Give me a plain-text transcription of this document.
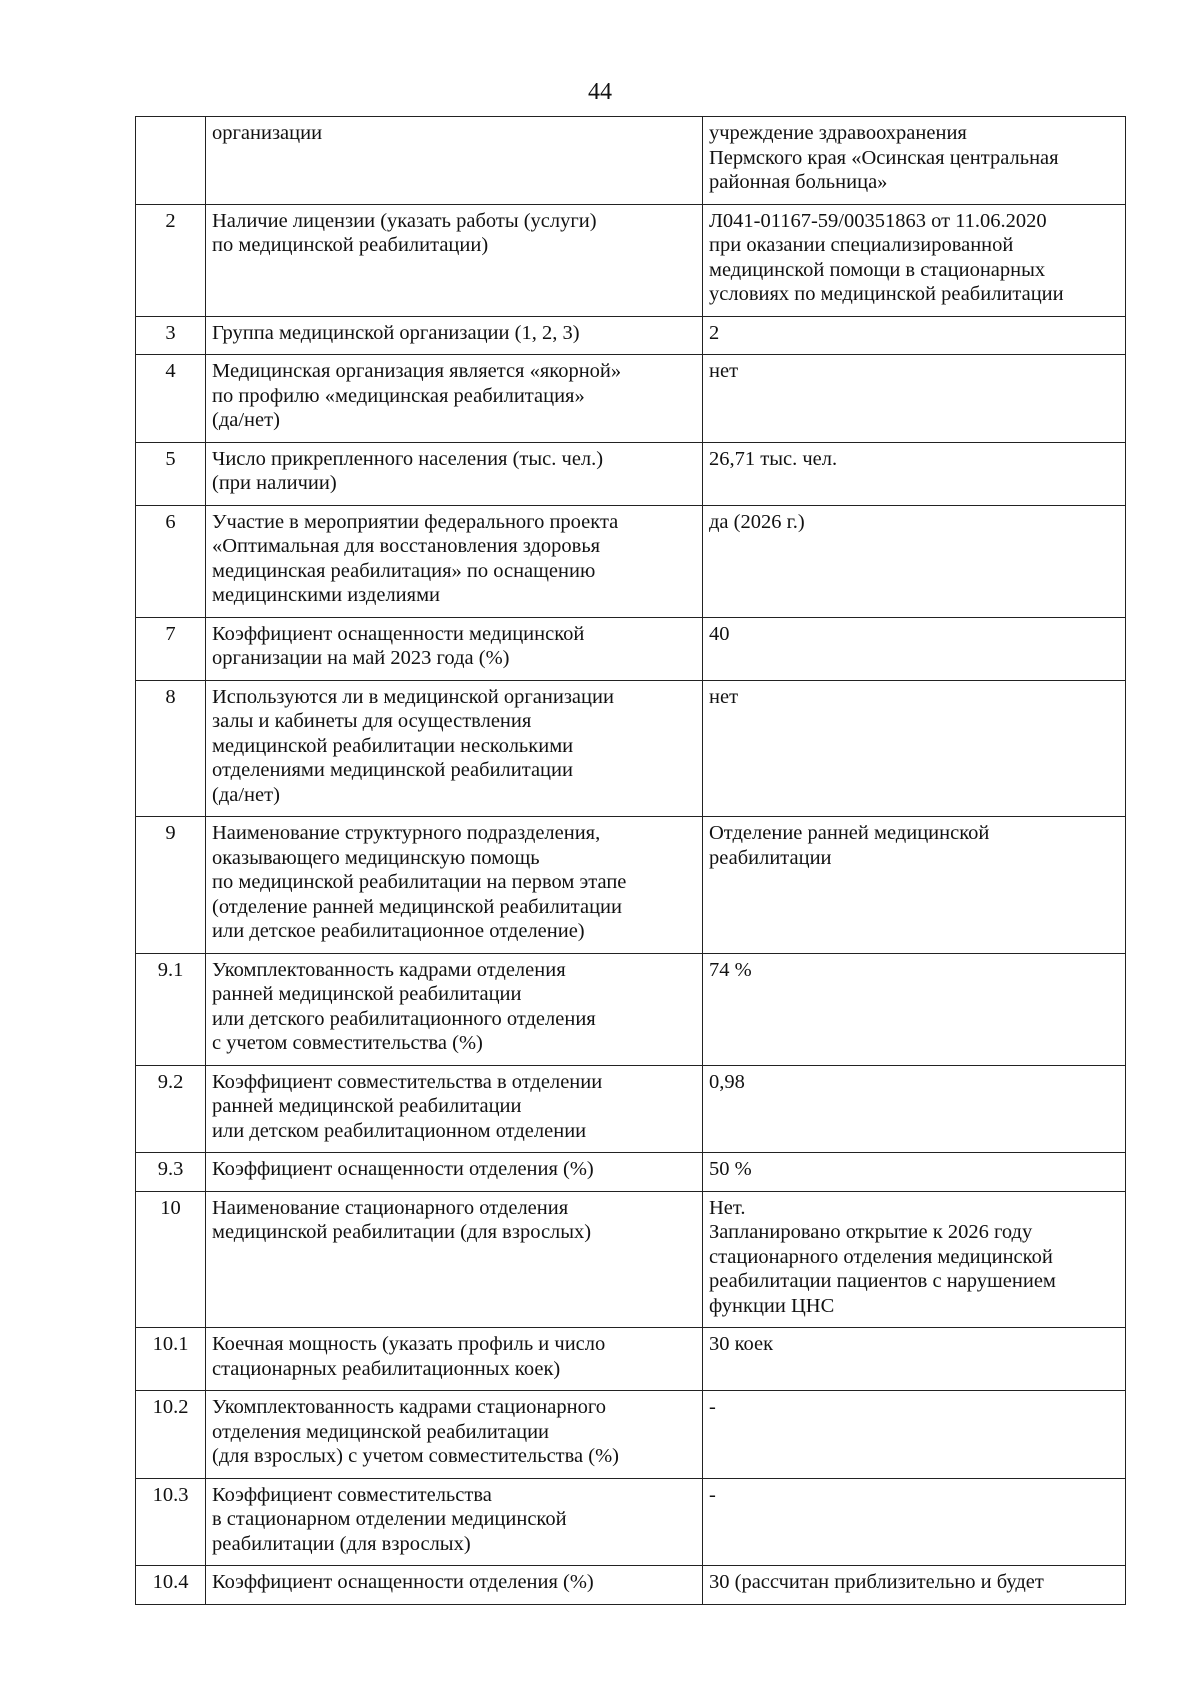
44
	организации	учреждение здравоохранения
Пермского края «Осинская центральная районная больница»
2	Наличие лицензии (указать работы (услуги)
по медицинской реабилитации)	Л041-01167-59/00351863 от 11.06.2020
при оказании специализированной медицинской помощи в стационарных условиях по медицинской реабилитации
3	Группа медицинской организации (1, 2, 3)	2
4	Медицинская организация является «якорной»
по профилю «медицинская реабилитация»
(да/нет)	нет
5	Число прикрепленного населения (тыс. чел.)
(при наличии)	26,71 тыс. чел.
6	Участие в мероприятии федерального проекта
«Оптимальная для восстановления здоровья
медицинская реабилитация» по оснащению
медицинскими изделиями	да (2026 г.)
7	Коэффициент оснащенности медицинской
организации на май 2023 года (%)	40
8	Используются ли в медицинской организации
залы и кабинеты для осуществления
медицинской реабилитации несколькими
отделениями медицинской реабилитации
(да/нет)	нет
9	Наименование структурного подразделения,
оказывающего медицинскую помощь
по медицинской реабилитации на первом этапе
(отделение ранней медицинской реабилитации
или детское реабилитационное отделение)	Отделение ранней медицинской
реабилитации
9.1	Укомплектованность кадрами отделения
ранней медицинской реабилитации
или детского реабилитационного отделения
с учетом совместительства (%)	74 %
9.2	Коэффициент совместительства в отделении
ранней медицинской реабилитации
или детском реабилитационном отделении	0,98
9.3	Коэффициент оснащенности отделения (%)	50 %
10	Наименование стационарного отделения
медицинской реабилитации (для взрослых)	Нет.
Запланировано открытие к 2026 году стационарного отделения медицинской реабилитации пациентов с нарушением функции ЦНС
10.1	Коечная мощность (указать профиль и число
стационарных реабилитационных коек)	30 коек
10.2	Укомплектованность кадрами стационарного
отделения медицинской реабилитации
(для взрослых) с учетом совместительства (%)	-
10.3	Коэффициент совместительства
в стационарном отделении медицинской
реабилитации (для взрослых)	-
10.4	Коэффициент оснащенности отделения (%)	30 (рассчитан приблизительно и будет
